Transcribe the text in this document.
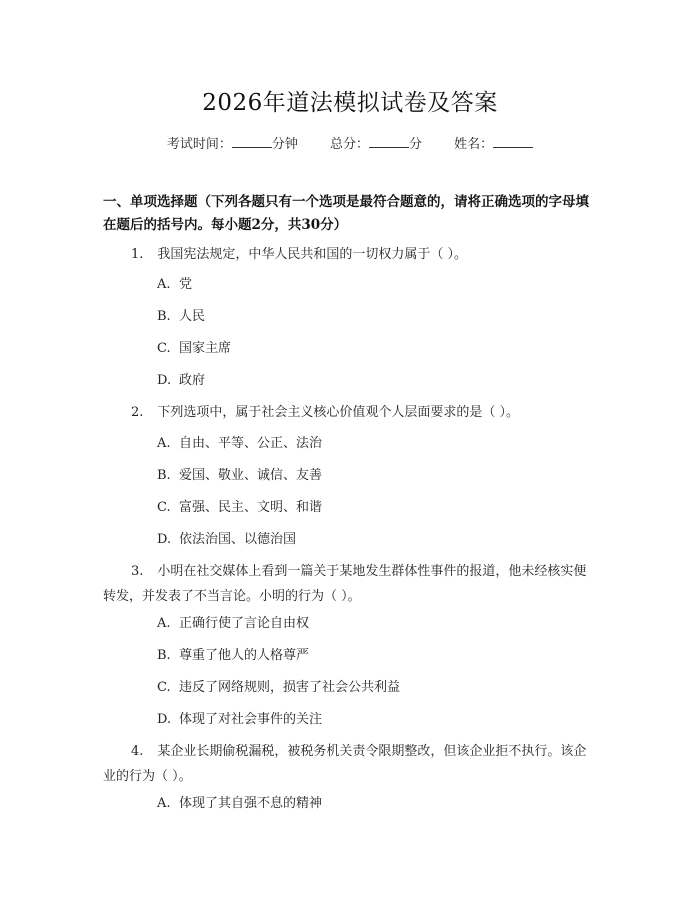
2026年道法模拟试卷及答案
考试时间：	分钟 总分：	分 姓名：
一、单项选择题（下列各题只有一个选项是最符合题意的，请将正确选项的字母填在题后的括号内。每小题2分，共30分）
1. 我国宪法规定，中华人民共和国的一切权力属于（ ）。
A. 党
B. 人民
C. 国家主席
D. 政府
2. 下列选项中，属于社会主义核心价值观个人层面要求的是（ ）。
A. 自由、平等、公正、法治
B. 爱国、敬业、诚信、友善
C. 富强、民主、文明、和谐
D. 依法治国、以德治国
3. 小明在社交媒体上看到一篇关于某地发生群体性事件的报道，他未经核实便转发，并发表了不当言论。小明的行为（ ）。
A. 正确行使了言论自由权
B. 尊重了他人的人格尊严
C. 违反了网络规则，损害了社会公共利益
D. 体现了对社会事件的关注
4. 某企业长期偷税漏税，被税务机关责令限期整改，但该企业拒不执行。该企业的行为（ ）。
A. 体现了其自强不息的精神
